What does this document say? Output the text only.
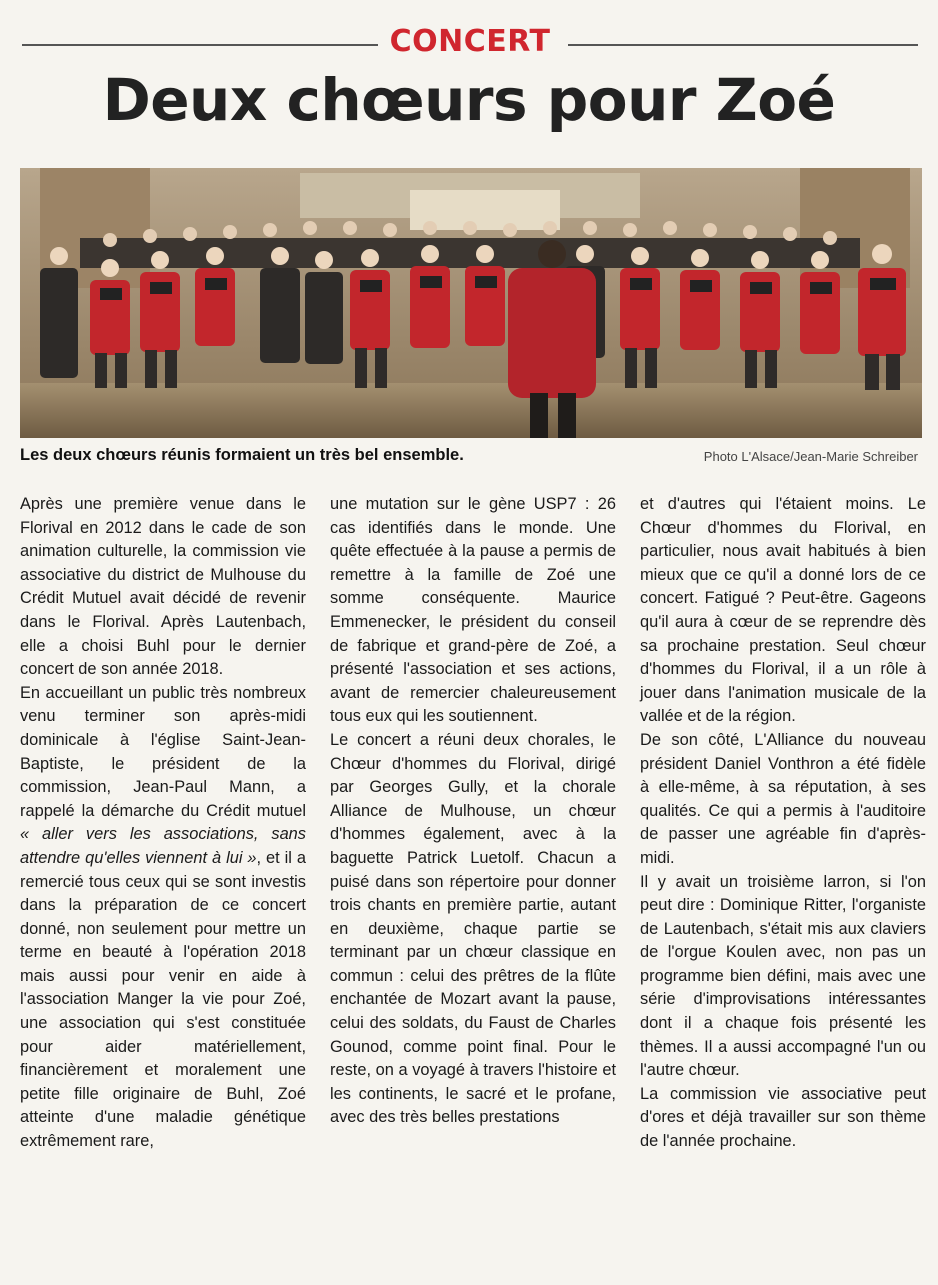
CONCERT
Deux chœurs pour Zoé
Les deux chœurs réunis formaient un très bel ensemble.	Photo L'Alsace/Jean-Marie Schreiber

Après une première venue dans le Florival en 2012 dans le cade de son animation culturelle, la commission vie associative du district de Mulhouse du Crédit Mutuel avait décidé de revenir dans le Florival. Après Lautenbach, elle a choisi Buhl pour le dernier concert de son année 2018.

En accueillant un public très nombreux venu terminer son après-midi dominicale à l'église Saint-Jean-Baptiste, le président de la commission, Jean-Paul Mann, a rappelé la démarche du Crédit mutuel « aller vers les associations, sans attendre qu'elles viennent à lui », et il a remercié tous ceux qui se sont investis dans la préparation de ce concert donné, non seulement pour mettre un terme en beauté à l'opération 2018 mais aussi pour venir en aide à l'association Manger la vie pour Zoé, une association qui s'est constituée pour aider matériellement, financièrement et moralement une petite fille originaire de Buhl, Zoé atteinte d'une maladie génétique extrêmement rare,

une mutation sur le gène USP7 : 26 cas identifiés dans le monde. Une quête effectuée à la pause a permis de remettre à la famille de Zoé une somme conséquente. Maurice Emmenecker, le président du conseil de fabrique et grand-père de Zoé, a présenté l'association et ses actions, avant de remercier chaleureusement tous eux qui les soutiennent.

Le concert a réuni deux chorales, le Chœur d'hommes du Florival, dirigé par Georges Gully, et la chorale Alliance de Mulhouse, un chœur d'hommes également, avec à la baguette Patrick Luetolf. Chacun a puisé dans son répertoire pour donner trois chants en première partie, autant en deuxième, chaque partie se terminant par un chœur classique en commun : celui des prêtres de la flûte enchantée de Mozart avant la pause, celui des soldats, du Faust de Charles Gounod, comme point final. Pour le reste, on a voyagé à travers l'histoire et les continents, le sacré et le profane, avec des très belles prestations

et d'autres qui l'étaient moins. Le Chœur d'hommes du Florival, en particulier, nous avait habitués à bien mieux que ce qu'il a donné lors de ce concert. Fatigué ? Peut-être. Gageons qu'il aura à cœur de se reprendre dès sa prochaine prestation. Seul chœur d'hommes du Florival, il a un rôle à jouer dans l'animation musicale de la vallée et de la région.

De son côté, L'Alliance du nouveau président Daniel Vonthron a été fidèle à elle-même, à sa réputation, à ses qualités. Ce qui a permis à l'auditoire de passer une agréable fin d'après-midi.

Il y avait un troisième larron, si l'on peut dire : Dominique Ritter, l'organiste de Lautenbach, s'était mis aux claviers de l'orgue Koulen avec, non pas un programme bien défini, mais avec une série d'improvisations intéressantes dont il a chaque fois présenté les thèmes. Il a aussi accompagné l'un ou l'autre chœur.

La commission vie associative peut d'ores et déjà travailler sur son thème de l'année prochaine.
